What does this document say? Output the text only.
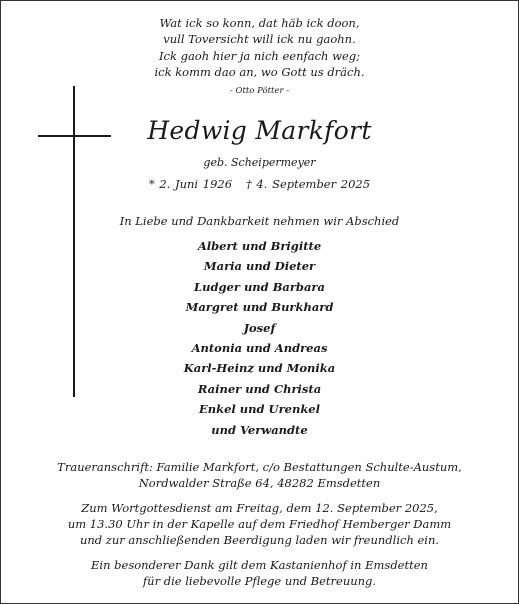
Wat ick so konn, dat häb ick doon,
vull Toversicht will ick nu gaohn.
Ick gaoh hier ja nich eenfach weg;
ick komm dao an, wo Gott us dräch.
- Otto Pötter -
Hedwig Markfort
geb. Scheipermeyer
* 2. Juni 1926 † 4. September 2025
In Liebe und Dankbarkeit nehmen wir Abschied
Albert und Brigitte
Maria und Dieter
Ludger und Barbara
Margret und Burkhard
Josef
Antonia und Andreas
Karl-Heinz und Monika
Rainer und Christa
Enkel und Urenkel
und Verwandte
Traueranschrift: Familie Markfort, c/o Bestattungen Schulte-Austum,
Nordwalder Straße 64, 48282 Emsdetten
Zum Wortgottesdienst am Freitag, dem 12. September 2025,
um 13.30 Uhr in der Kapelle auf dem Friedhof Hemberger Damm
und zur anschließenden Beerdigung laden wir freundlich ein.
Ein besonderer Dank gilt dem Kastanienhof in Emsdetten
für die liebevolle Pflege und Betreuung.
